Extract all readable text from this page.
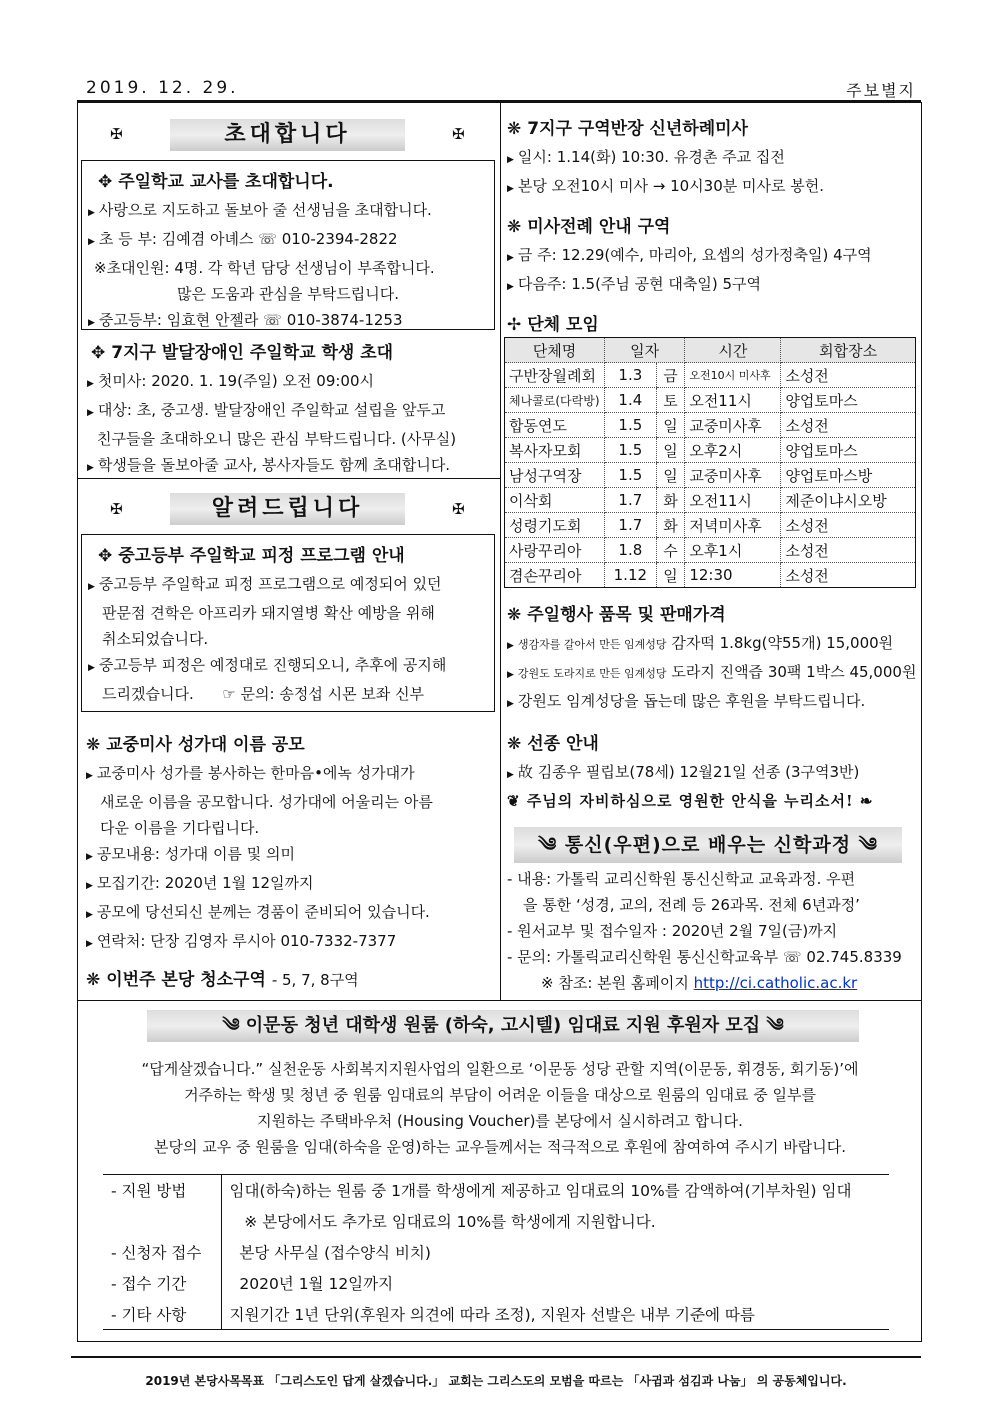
2019. 12. 29.	주보별지
✠	초대합니다	✠
✥ 주일학교 교사를 초대합니다.
▶ 사랑으로 지도하고 돌보아 줄 선생님을 초대합니다.
▶ 초 등 부: 김예겸 아녜스 ☏ 010-2394-2822
※초대인원: 4명. 각 학년 담당 선생님이 부족합니다.
많은 도움과 관심을 부탁드립니다.
▶ 중고등부: 임효현 안젤라 ☏ 010-3874-1253
✥ 7지구 발달장애인 주일학교 학생 초대
▶ 첫미사: 2020. 1. 19(주일) 오전 09:00시
▶ 대상: 초, 중고생. 발달장애인 주일학교 설립을 앞두고
친구들을 초대하오니 많은 관심 부탁드립니다. (사무실)
▶ 학생들을 돌보아줄 교사, 봉사자들도 함께 초대합니다.
✠	알려드립니다	✠
✥ 중고등부 주일학교 피정 프로그램 안내
▶ 중고등부 주일학교 피정 프로그램으로 예정되어 있던
판문점 견학은 아프리카 돼지열병 확산 예방을 위해
취소되었습니다.
▶ 중고등부 피정은 예정대로 진행되오니, 추후에 공지해
드리겠습니다.      ☞ 문의: 송정섭 시몬 보좌 신부
❋ 교중미사 성가대 이름 공모
▶ 교중미사 성가를 봉사하는 한마음•에녹 성가대가
새로운 이름을 공모합니다. 성가대에 어울리는 아름
다운 이름을 기다립니다.
▶ 공모내용: 성가대 이름 및 의미
▶ 모집기간: 2020년 1월 12일까지
▶ 공모에 당선되신 분께는 경품이 준비되어 있습니다.
▶ 연락처: 단장 김영자 루시아 010-7332-7377
❋ 이번주 본당 청소구역 - 5, 7, 8구역
❋ 7지구 구역반장 신년하례미사
▶ 일시: 1.14(화) 10:30. 유경촌 주교 집전
▶ 본당 오전10시 미사 → 10시30분 미사로 봉헌.
❋ 미사전례 안내 구역
▶ 금 주: 12.29(예수, 마리아, 요셉의 성가정축일) 4구역
▶ 다음주: 1.5(주님 공현 대축일) 5구역
✢ 단체 모임
단체명	일자		시간	회합장소
구반장월례회	1.3	금	오전10시 미사후	소성전
체나콜로(다락방)	1.4	토	오전11시	양업토마스
합동연도	1.5	일	교중미사후	소성전
복사자모회	1.5	일	오후2시	양업토마스
남성구역장	1.5	일	교중미사후	양업토마스방
이삭회	1.7	화	오전11시	제준이냐시오방
성령기도회	1.7	화	저녁미사후	소성전
사랑꾸리아	1.8	수	오후1시	소성전
겸손꾸리아	1.12	일	12:30	소성전
❋ 주일행사 품목 및 판매가격
▶ 생감자를 갈아서 만든 임계성당 감자떡 1.8kg(약55개) 15,000원
▶ 강원도 도라지로 만든 임계성당 도라지 진액즙 30팩 1박스 45,000원
▶ 강원도 임계성당을 돕는데 많은 후원을 부탁드립니다.
❋ 선종 안내
▶ 故 김종우 필립보(78세) 12월21일 선종 (3구역3반)
❦ 주님의 자비하심으로 영원한 안식을 누리소서! ❧
༄ 통신(우편)으로 배우는 신학과정 ༄
- 내용: 가톨릭 교리신학원 통신신학교 교육과정. 우편
을 통한 ‘성경, 교의, 전례 등 26과목. 전체 6년과정’
- 원서교부 및 접수일자 : 2020년 2월 7일(금)까지
- 문의: 가톨릭교리신학원 통신신학교육부 ☏ 02.745.8339
※ 참조: 본원 홈페이지 http://ci.catholic.ac.kr
༄ 이문동 청년 대학생 원룸 (하숙, 고시텔) 임대료 지원 후원자 모집 ༄
“답게살겠습니다.” 실천운동 사회복지지원사업의 일환으로 ‘이문동 성당 관할 지역(이문동, 휘경동, 회기동)’에
거주하는 학생 및 청년 중 원룸 임대료의 부담이 어려운 이들을 대상으로 원룸의 임대료 중 일부를
지원하는 주택바우처 (Housing Voucher)를 본당에서 실시하려고 합니다.
본당의 교우 중 원룸을 임대(하숙을 운영)하는 교우들께서는 적극적으로 후원에 참여하여 주시기 바랍니다.
- 지원 방법	임대(하숙)하는 원룸 중 1개를 학생에게 제공하고 임대료의 10%를 감액하여(기부차원) 임대
	※ 본당에서도 추가로 임대료의 10%를 학생에게 지원합니다.
- 신청자 접수	본당 사무실 (접수양식 비치)
- 접수 기간	2020년 1월 12일까지
- 기타 사항	지원기간 1년 단위(후원자 의견에 따라 조정), 지원자 선발은 내부 기준에 따름
2019년 본당사목목표 「그리스도인 답게 살겠습니다.」 교회는 그리스도의 모범을 따르는 「사귐과 섬김과 나눔」 의 공동체입니다.
